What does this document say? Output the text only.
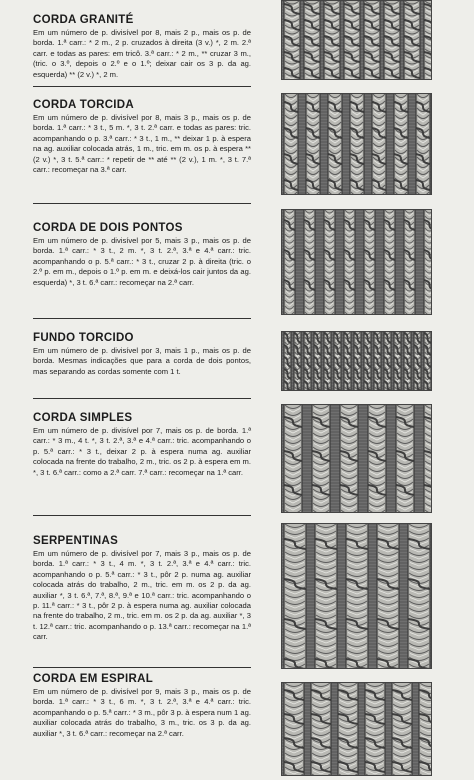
CORDA GRANITÉ

Em um número de p. divisível por 8, mais 2 p., mais os p. de borda. 1.ª carr.: * 2 m., 2 p. cruzados à direita (3 v.) *, 2 m. 2.ª carr. e todas as pares: em tricô. 3.ª carr.: * 2 m., ** cruzar 3 m., (tric. o 3.º, depois o 2.º e o 1.º; deixar cair os 3 p. da ag. esquerda) ** (2 v.) *, 2 m.

CORDA TORCIDA

Em um número de p. divisível por 8, mais 3 p., mais os p. de borda. 1.ª carr.: * 3 t., 5 m. *, 3 t. 2.ª carr. e todas as pares: tric. acompanhando o p. 3.ª carr.: * 3 t., 1 m., ** deixar 1 p. à espera na ag. auxiliar colocada atrás, 1 m., tric. em m. os p. à espera ** (2 v.) *, 3 t. 5.ª carr.: * repetir de ** até ** (2 v.), 1 m. *, 3 t. 7.ª carr.: recomeçar na 3.ª carr.

CORDA DE DOIS PONTOS

Em um número de p. divisível por 5, mais 3 p., mais os p. de borda. 1.ª carr.: * 3 t., 2 m. *, 3 t. 2.ª, 3.ª e 4.ª carr.: tric. acompanhando o p. 5.ª carr.: * 3 t., cruzar 2 p. à direita (tric. o 2.º p. em m., depois o 1.º p. em m. e deixá-los cair juntos da ag. esquerda) *, 3 t. 6.ª carr.: recomeçar na 2.ª carr.

FUNDO TORCIDO

Em um número de p. divisível por 3, mais 1 p., mais os p. de borda. Mesmas indicações que para a corda de dois pontos, mas separando as cordas somente com 1 t.

CORDA SIMPLES

Em um número de p. divisível por 7, mais os p. de borda. 1.ª carr.: * 3 m., 4 t. *, 3 t. 2.ª, 3.ª e 4.ª carr.: tric. acompanhando o p. 5.ª carr.: * 3 t., deixar 2 p. à espera numa ag. auxiliar colocada na frente do trabalho, 2 m., tric. os 2 p. à espera em m. *, 3 t. 6.ª carr.: como a 2.ª carr. 7.ª carr.: recomeçar na 1.ª carr.

SERPENTINAS

Em um número de p. divisível por 7, mais 3 p., mais os p. de borda. 1.ª carr.: * 3 t., 4 m. *, 3 t. 2.ª, 3.ª e 4.ª carr.: tric. acompanhando o p. 5.ª carr.: * 3 t., pôr 2 p. numa ag. auxiliar colocada atrás do trabalho, 2 m., tric. em m. os 2 p. da ag. auxiliar *, 3 t. 6.ª, 7.ª, 8.ª, 9.ª e 10.ª carr.: tric. acompanhando o p. 11.ª carr.: * 3 t., pôr 2 p. à espera numa ag. auxiliar colocada na frente do trabalho, 2 m., tric. em m. os 2 p. da ag. auxiliar *, 3 t. 12.ª carr.: tric. acompanhando o p. 13.ª carr.: recomeçar na 1.ª carr.

CORDA EM ESPIRAL

Em um número de p. divisível por 9, mais 3 p., mais os p. de borda. 1.ª carr.: * 3 t., 6 m. *, 3 t. 2.ª, 3.ª e 4.ª carr.: tric. acompanhando o p. 5.ª carr.: * 3 m., pôr 3 p. à espera num 1 ag. auxiliar colocada atrás do trabalho, 3 m., tric. os 3 p. da ag. auxiliar *, 3 t. 6.ª carr.: recomeçar na 2.ª carr.
